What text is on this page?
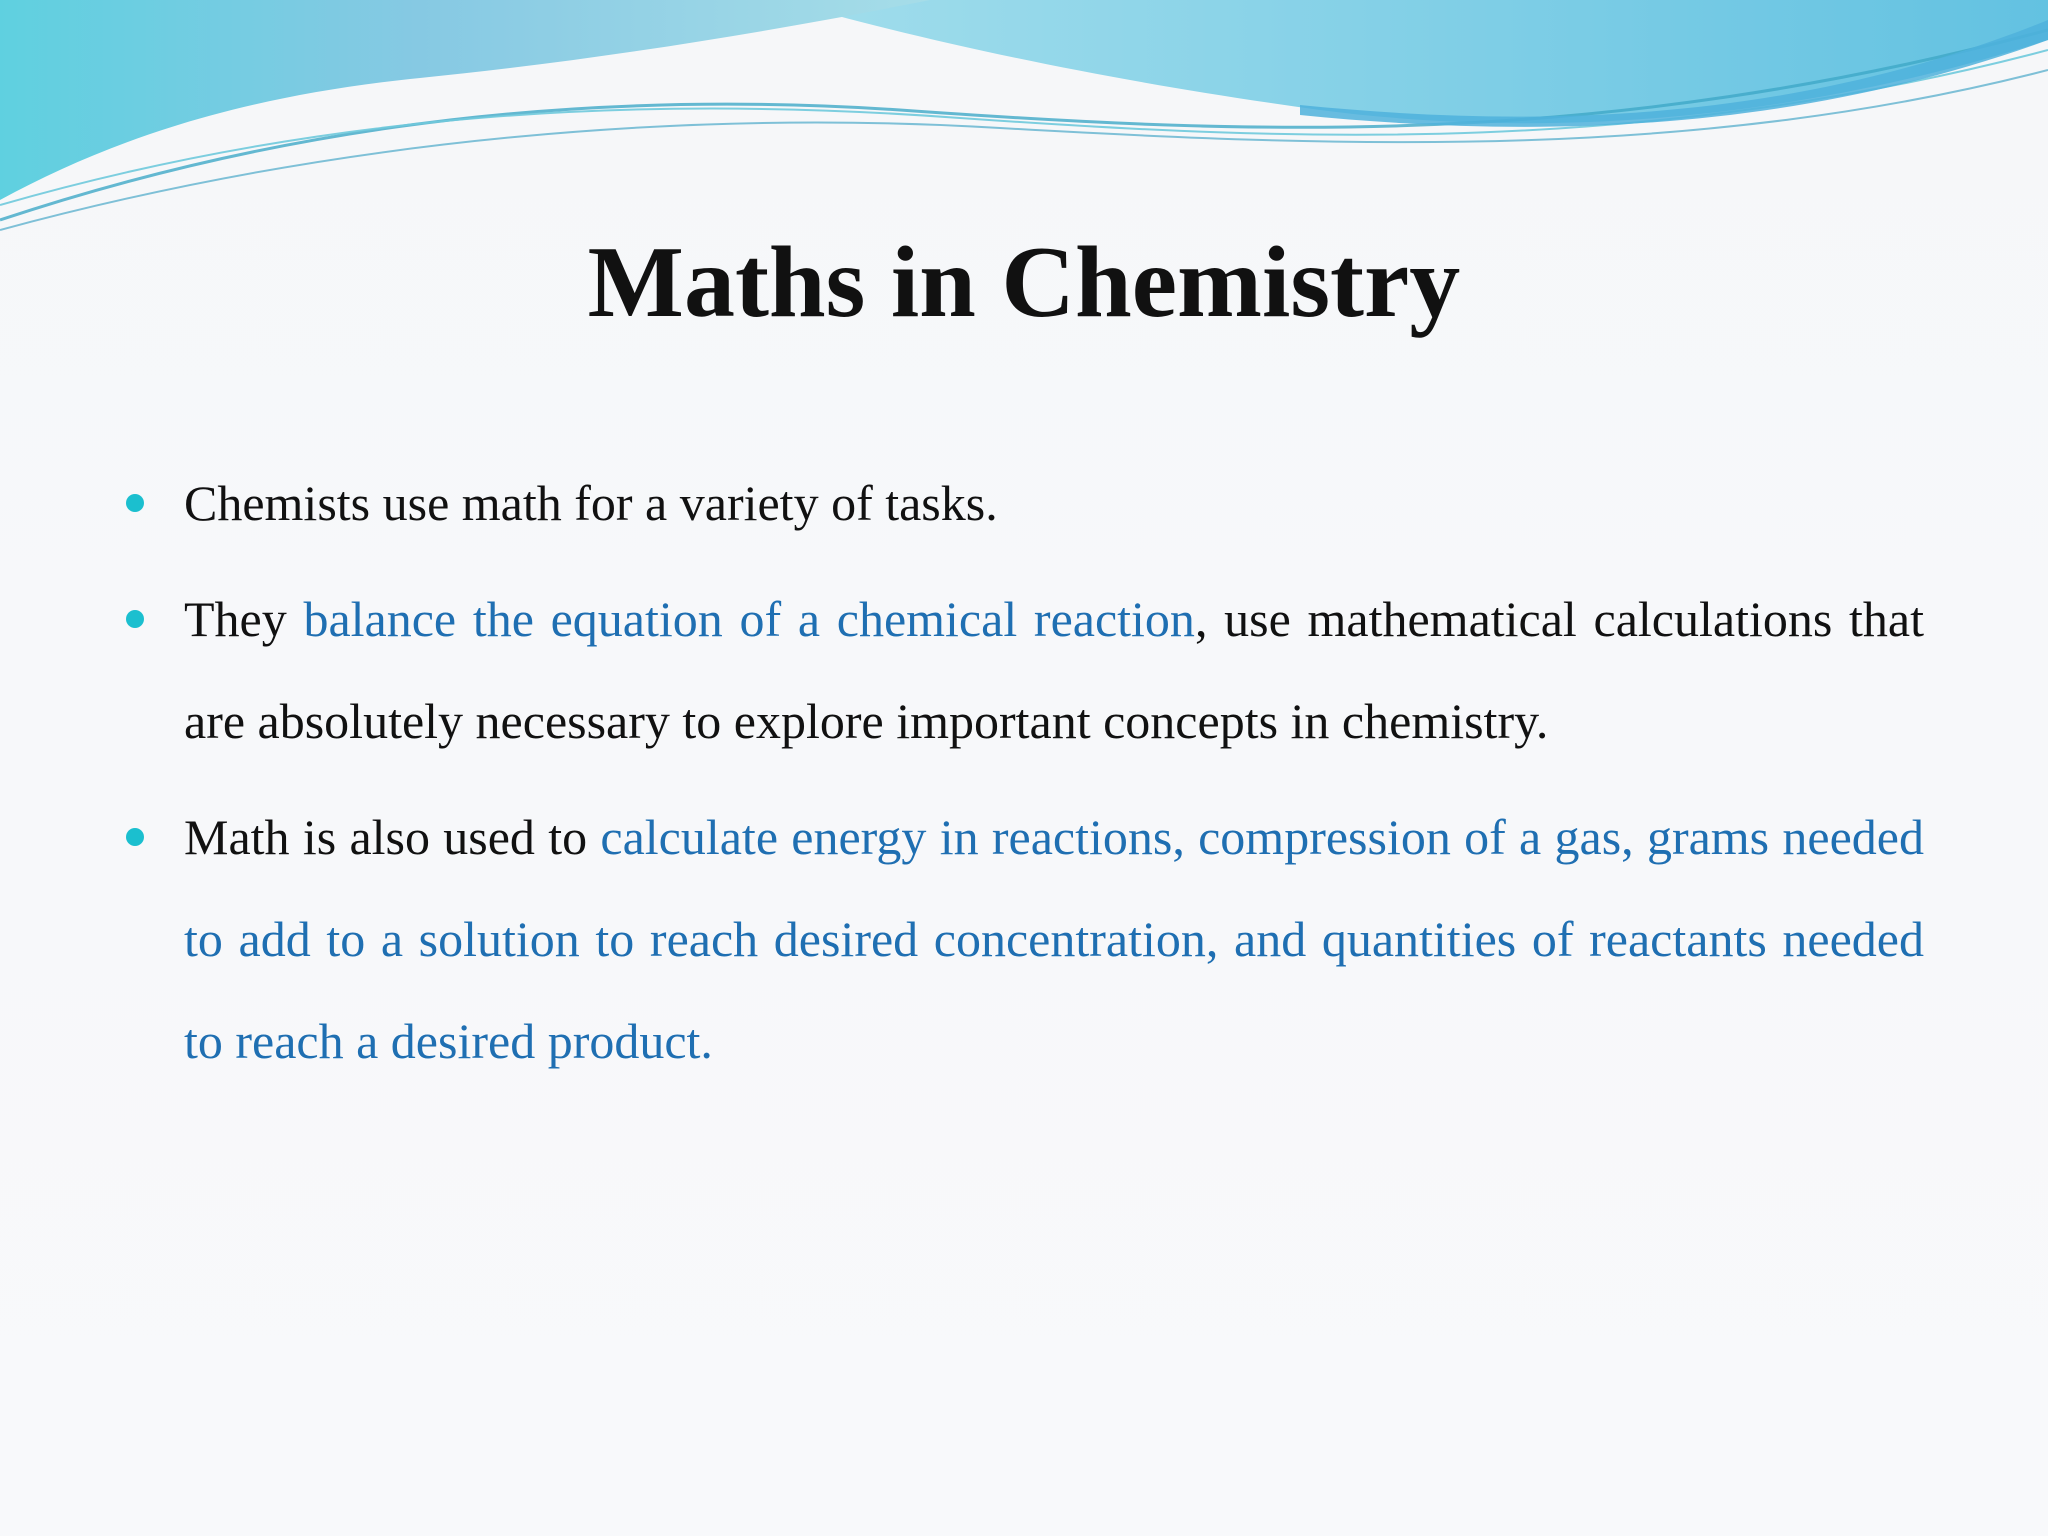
Maths in Chemistry
Chemists use math for a variety of tasks.
They balance the equation of a chemical reaction, use mathematical calculations that are absolutely necessary to explore important concepts in chemistry.
Math is also used to calculate energy in reactions, compression of a gas, grams needed to add to a solution to reach desired concentration, and quantities of reactants needed to reach a desired product.
